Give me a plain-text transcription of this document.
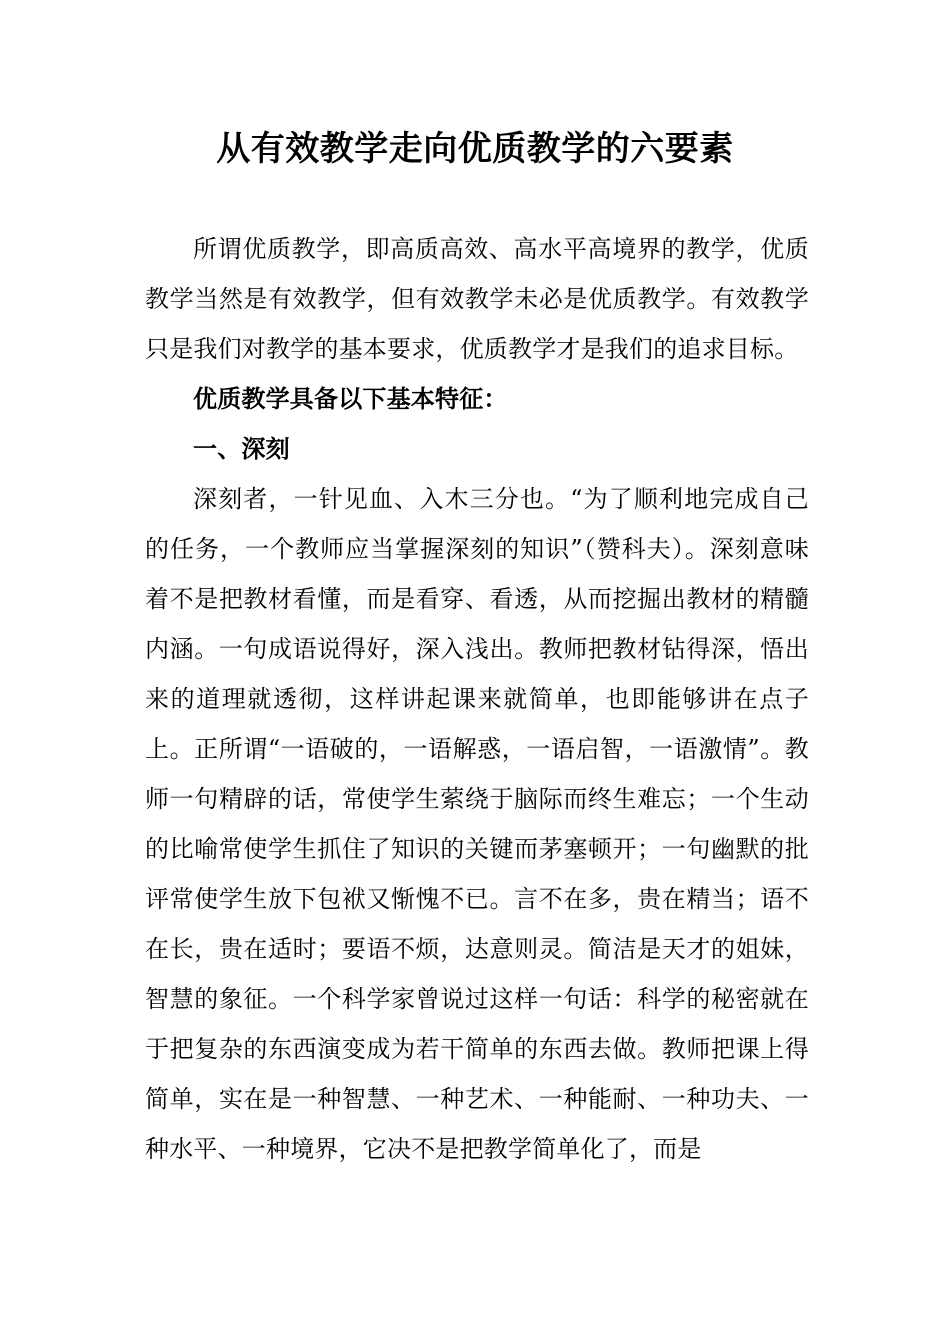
从有效教学走向优质教学的六要素

所谓优质教学，即高质高效、高水平高境界的教学，优质教学当然是有效教学，但有效教学未必是优质教学。有效教学只是我们对教学的基本要求，优质教学才是我们的追求目标。

优质教学具备以下基本特征：

一、深刻

深刻者，一针见血、入木三分也。“为了顺利地完成自己的任务，一个教师应当掌握深刻的知识”（赞科夫）。深刻意味着不是把教材看懂，而是看穿、看透，从而挖掘出教材的精髓内涵。一句成语说得好，深入浅出。教师把教材钻得深，悟出来的道理就透彻，这样讲起课来就简单，也即能够讲在点子上。正所谓“一语破的，一语解惑，一语启智，一语激情”。教师一句精辟的话，常使学生萦绕于脑际而终生难忘；一个生动的比喻常使学生抓住了知识的关键而茅塞顿开；一句幽默的批评常使学生放下包袱又惭愧不已。言不在多，贵在精当；语不在长，贵在适时；要语不烦，达意则灵。简洁是天才的姐妹，智慧的象征。一个科学家曾说过这样一句话：科学的秘密就在于把复杂的东西演变成为若干简单的东西去做。教师把课上得简单，实在是一种智慧、一种艺术、一种能耐、一种功夫、一种水平、一种境界，它决不是把教学简单化了，而是
